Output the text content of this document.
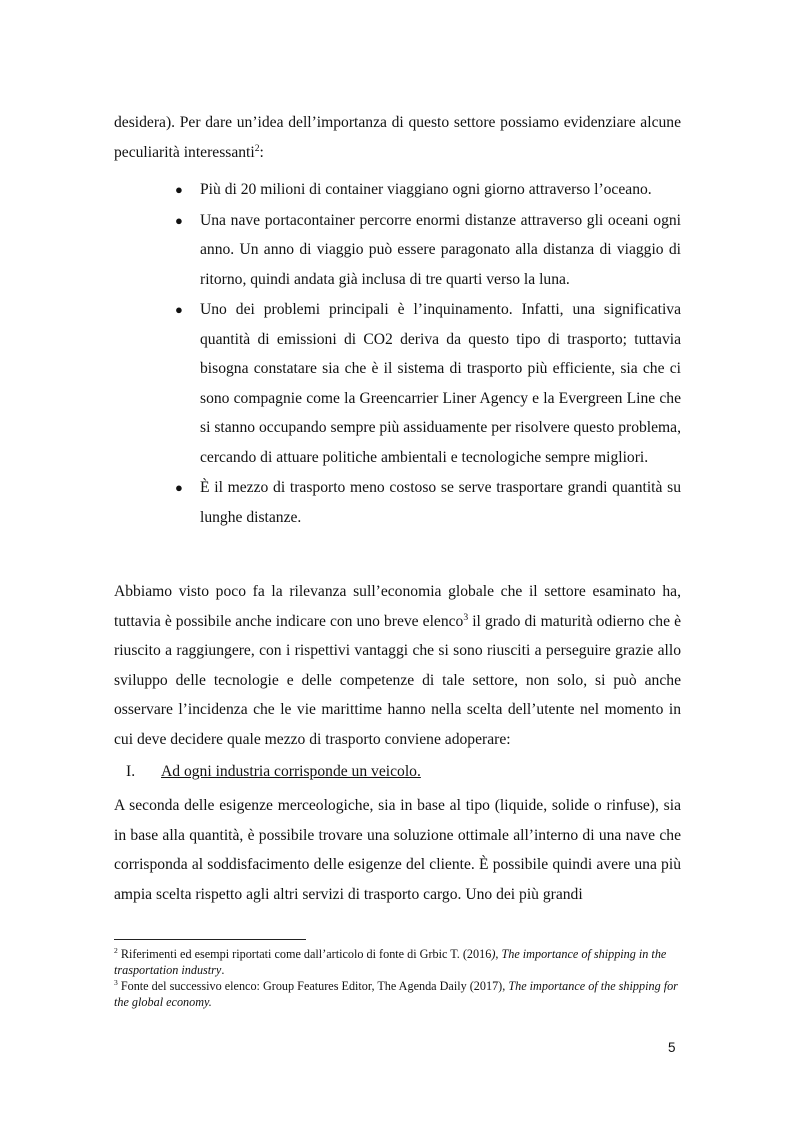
desidera). Per dare un’idea dell’importanza di questo settore possiamo evidenziare alcune peculiarità interessanti$^2$:

● Più di 20 milioni di container viaggiano ogni giorno attraverso l’oceano.
● Una nave portacontainer percorre enormi distanze attraverso gli oceani ogni anno. Un anno di viaggio può essere paragonato alla distanza di viaggio di ritorno, quindi andata già inclusa di tre quarti verso la luna.
● Uno dei problemi principali è l’inquinamento. Infatti, una significativa quantità di emissioni di CO2 deriva da questo tipo di trasporto; tuttavia bisogna constatare sia che è il sistema di trasporto più efficiente, sia che ci sono compagnie come la Greencarrier Liner Agency e la Evergreen Line che si stanno occupando sempre più assiduamente per risolvere questo problema, cercando di attuare politiche ambientali e tecnologiche sempre migliori.
● È il mezzo di trasporto meno costoso se serve trasportare grandi quantità su lunghe distanze.

Abbiamo visto poco fa la rilevanza sull’economia globale che il settore esaminato ha, tuttavia è possibile anche indicare con uno breve elenco$^3$ il grado di maturità odierno che è riuscito a raggiungere, con i rispettivi vantaggi che si sono riusciti a perseguire grazie allo sviluppo delle tecnologie e delle competenze di tale settore, non solo, si può anche osservare l’incidenza che le vie marittime hanno nella scelta dell’utente nel momento in cui deve decidere quale mezzo di trasporto conviene adoperare:

I. Ad ogni industria corrisponde un veicolo.

A seconda delle esigenze merceologiche, sia in base al tipo (liquide, solide o rinfuse), sia in base alla quantità, è possibile trovare una soluzione ottimale all’interno di una nave che corrisponda al soddisfacimento delle esigenze del cliente. È possibile quindi avere una più ampia scelta rispetto agli altri servizi di trasporto cargo. Uno dei più grandi

$^2$ Riferimenti ed esempi riportati come dall’articolo di fonte di Grbic T. (2016), The importance of shipping in the trasportation industry.

$^3$ Fonte del successivo elenco: Group Features Editor, The Agenda Daily (2017), The importance of the shipping for the global economy.

5
